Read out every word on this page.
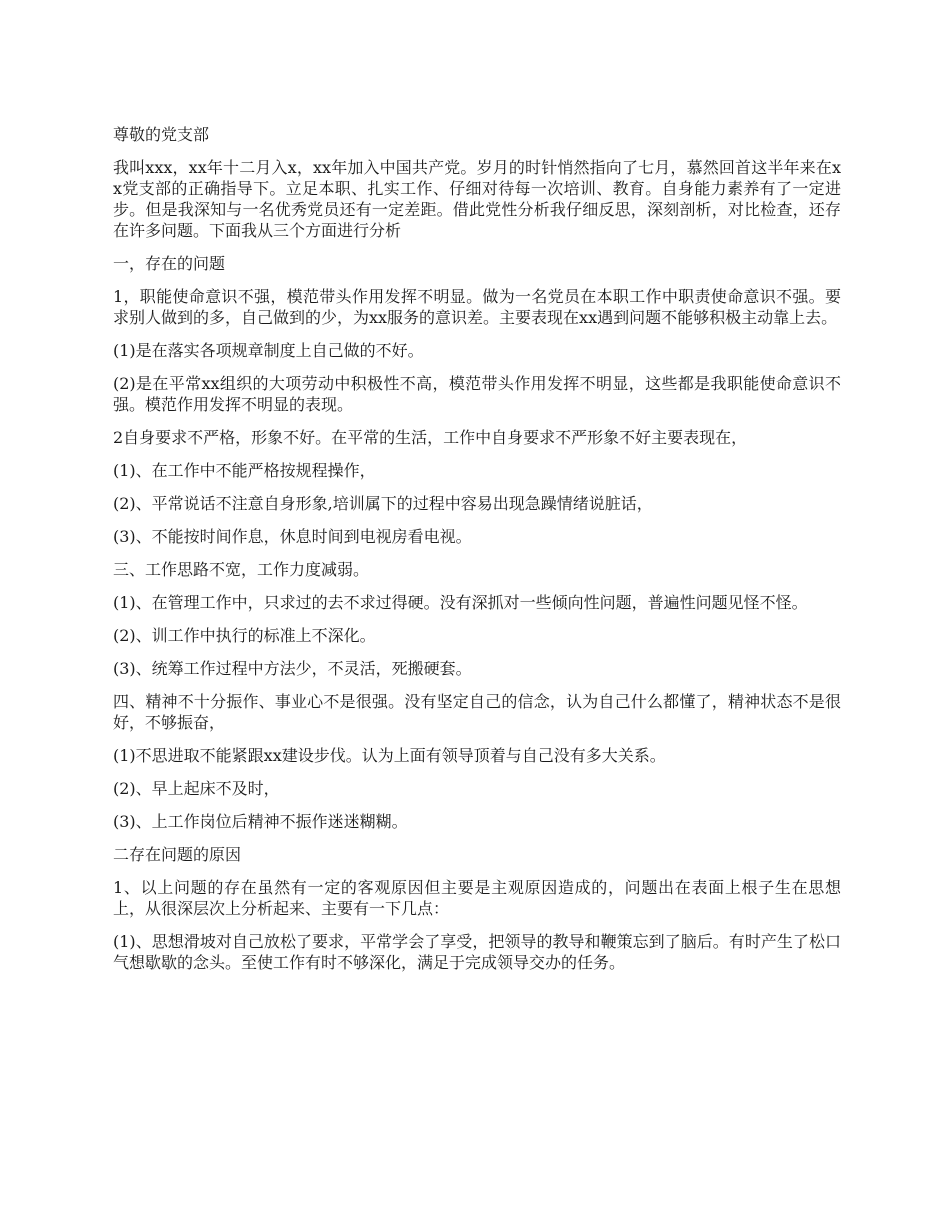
尊敬的党支部

我叫xxx，xx年十二月入x，xx年加入中国共产党。岁月的时针悄然指向了七月，慕然回首这半年来在xx党支部的正确指导下。立足本职、扎实工作、仔细对待每一次培训、教育。自身能力素养有了一定进步。但是我深知与一名优秀党员还有一定差距。借此党性分析我仔细反思，深刻剖析，对比检查，还存在许多问题。下面我从三个方面进行分析

一，存在的问题

1，职能使命意识不强，模范带头作用发挥不明显。做为一名党员在本职工作中职责使命意识不强。要求别人做到的多，自己做到的少，为xx服务的意识差。主要表现在xx遇到问题不能够积极主动靠上去。

(1)是在落实各项规章制度上自己做的不好。

(2)是在平常xx组织的大项劳动中积极性不高，模范带头作用发挥不明显，这些都是我职能使命意识不强。模范作用发挥不明显的表现。

2自身要求不严格，形象不好。在平常的生活，工作中自身要求不严形象不好主要表现在，

(1)、在工作中不能严格按规程操作，

(2)、平常说话不注意自身形象,培训属下的过程中容易出现急躁情绪说脏话，

(3)、不能按时间作息，休息时间到电视房看电视。

三、工作思路不宽，工作力度减弱。

(1)、在管理工作中，只求过的去不求过得硬。没有深抓对一些倾向性问题，普遍性问题见怪不怪。

(2)、训工作中执行的标准上不深化。

(3)、统筹工作过程中方法少，不灵活，死搬硬套。

四、精神不十分振作、事业心不是很强。没有坚定自己的信念，认为自己什么都懂了，精神状态不是很好，不够振奋，

(1)不思进取不能紧跟xx建设步伐。认为上面有领导顶着与自己没有多大关系。

(2)、早上起床不及时，

(3)、上工作岗位后精神不振作迷迷糊糊。

二存在问题的原因

1、以上问题的存在虽然有一定的客观原因但主要是主观原因造成的，问题出在表面上根子生在思想上，从很深层次上分析起来、主要有一下几点：

(1)、思想滑坡对自己放松了要求，平常学会了享受，把领导的教导和鞭策忘到了脑后。有时产生了松口气想歇歇的念头。至使工作有时不够深化，满足于完成领导交办的任务。
